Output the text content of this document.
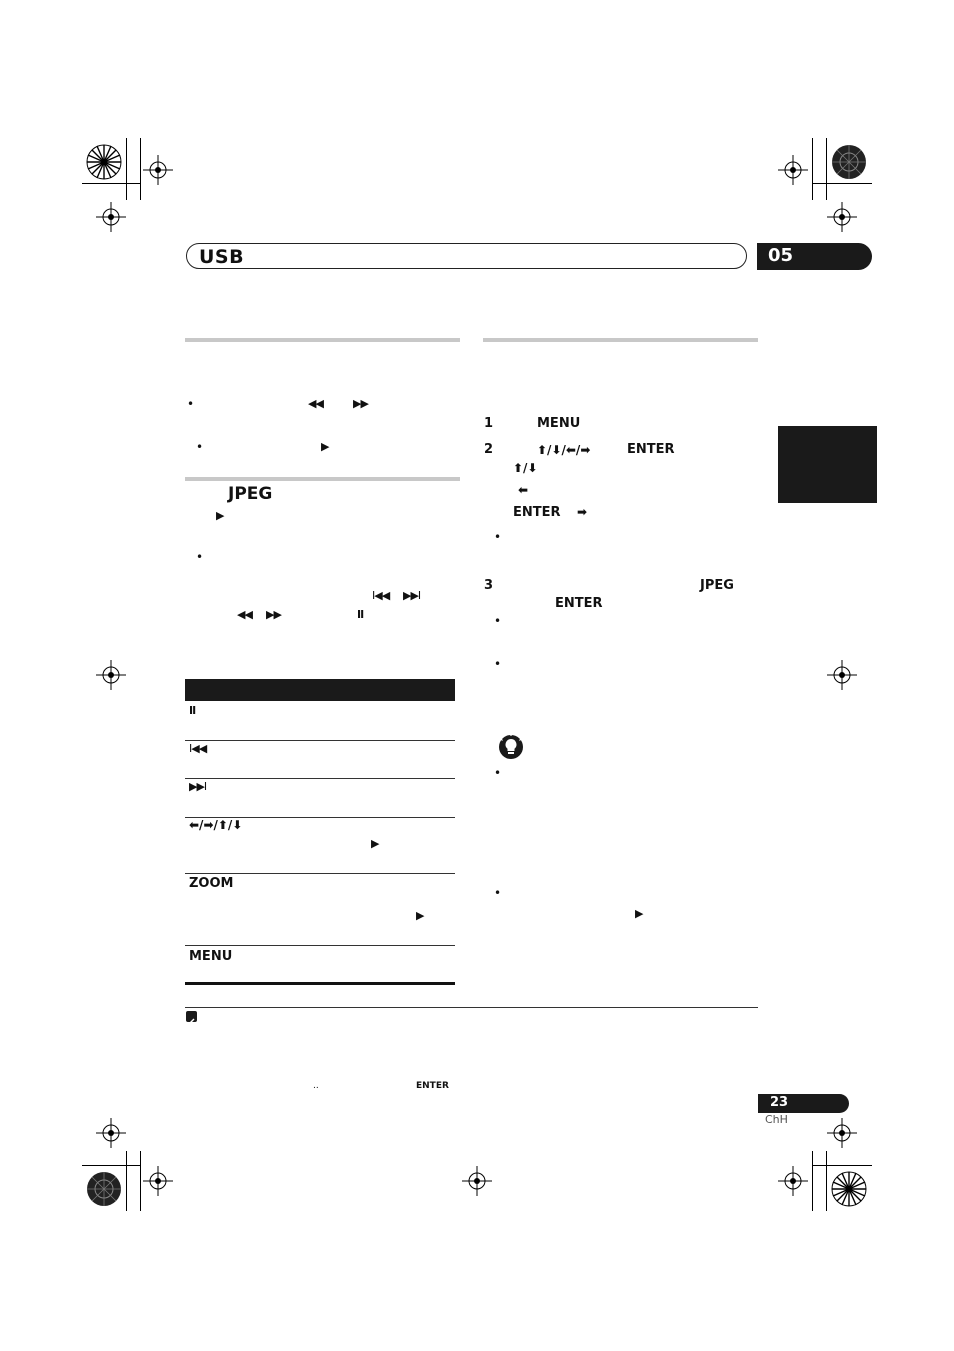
USB	05
•	◀◀	▶▶
•	▶
JPEG
▶
•
I◀◀ ▶▶I
◀◀ ▶▶	II
II
I◀◀
▶▶I
⬅/➡/⬆/⬇
▶
ZOOM
▶
MENU
1	MENU
2	⬆/⬇/⬅/➡	ENTER
⬆/⬇
⬅
ENTER ➡
•
3	JPEG
ENTER
•
•
•
•
▶
..	ENTER
23
ChH
